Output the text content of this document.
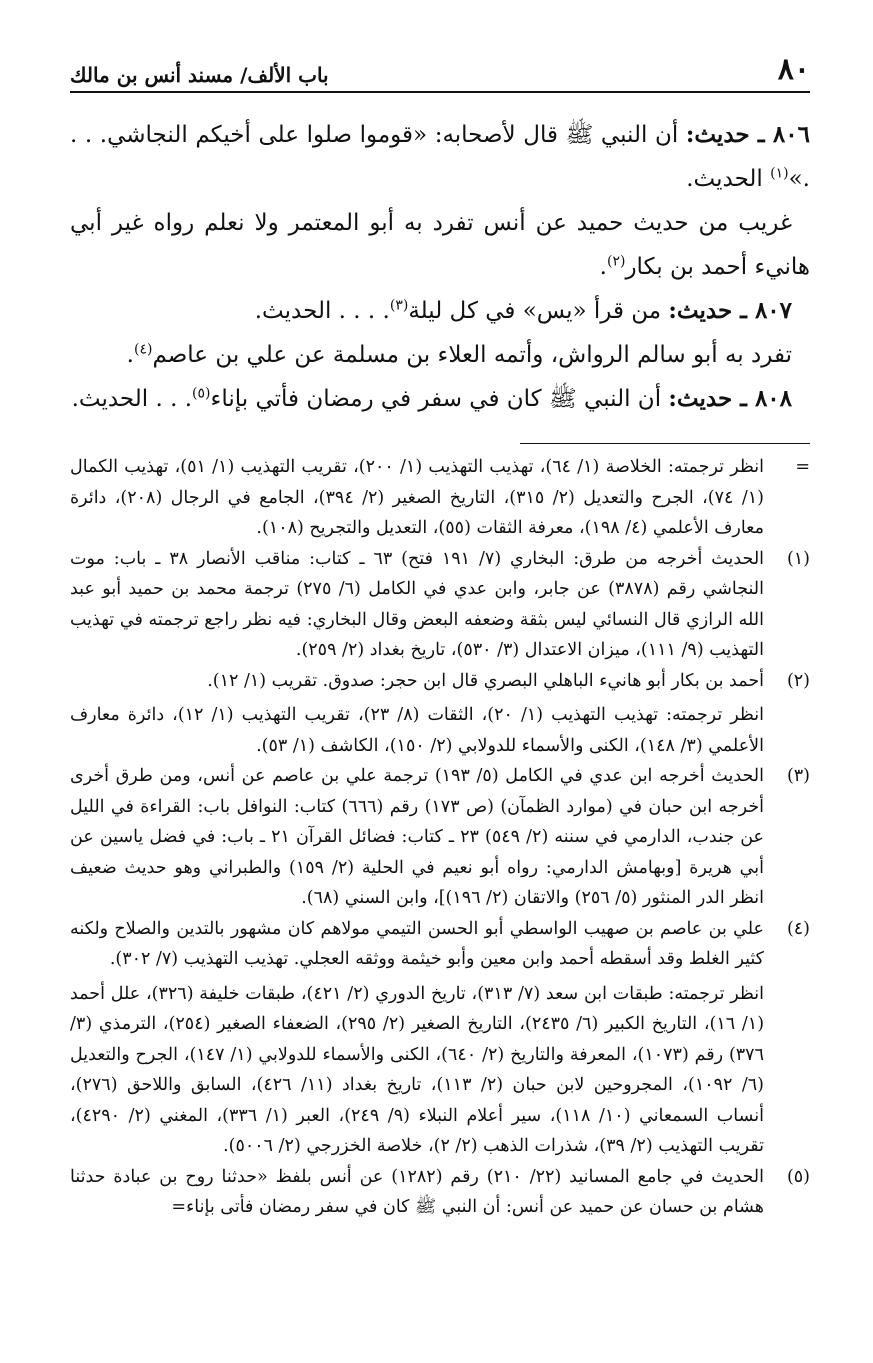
٨٠
باب الألف/ مسند أنس بن مالك

٨٠٦ ـ حديث: أن النبي ﷺ قال لأصحابه: «قوموا صلوا على أخيكم النجاشي. . . .»$^{(١)}$ الحديث.

غريب من حديث حميد عن أنس تفرد به أبو المعتمر ولا نعلم رواه غير أبي هانيء أحمد بن بكار$^{(٢)}$.

٨٠٧ ـ حديث: من قرأ «يس» في كل ليلة$^{(٣)}$. . . . الحديث.

تفرد به أبو سالم الرواش، وأتمه العلاء بن مسلمة عن علي بن عاصم$^{(٤)}$.

٨٠٨ ـ حديث: أن النبي ﷺ كان في سفر في رمضان فأتي بإناء$^{(٥)}$. . . الحديث.

=

انظر ترجمته: الخلاصة (١/ ٦٤)، تهذيب التهذيب (١/ ٢٠٠)، تقريب التهذيب (١/ ٥١)، تهذيب الكمال (١/ ٧٤)، الجرح والتعديل (٢/ ٣١٥)، التاريخ الصغير (٢/ ٣٩٤)، الجامع في الرجال (٢٠٨)، دائرة معارف الأعلمي (٤/ ١٩٨)، معرفة الثقات (٥٥)، التعديل والتجريح (١٠٨).

(١)

الحديث أخرجه من طرق: البخاري (٧/ ١٩١ فتح) ٦٣ ـ كتاب: مناقب الأنصار ٣٨ ـ باب: موت النجاشي رقم (٣٨٧٨) عن جابر، وابن عدي في الكامل (٦/ ٢٧٥) ترجمة محمد بن حميد أبو عبد الله الرازي قال النسائي ليس بثقة وضعفه البعض وقال البخاري: فيه نظر راجع ترجمته في تهذيب التهذيب (٩/ ١١١)، ميزان الاعتدال (٣/ ٥٣٠)، تاريخ بغداد (٢/ ٢٥٩).

(٢)

أحمد بن بكار أبو هانيء الباهلي البصري قال ابن حجر: صدوق. تقريب (١/ ١٢).

انظر ترجمته: تهذيب التهذيب (١/ ٢٠)، الثقات (٨/ ٢٣)، تقريب التهذيب (١/ ١٢)، دائرة معارف الأعلمي (٣/ ١٤٨)، الكنى والأسماء للدولابي (٢/ ١٥٠)، الكاشف (١/ ٥٣).

(٣)

الحديث أخرجه ابن عدي في الكامل (٥/ ١٩٣) ترجمة علي بن عاصم عن أنس، ومن طرق أخرى أخرجه ابن حبان في (موارد الظمآن) (ص ١٧٣) رقم (٦٦٦) كتاب: النوافل باب: القراءة في الليل عن جندب، الدارمي في سننه (٢/ ٥٤٩) ٢٣ ـ كتاب: فضائل القرآن ٢١ ـ باب: في فضل ياسين عن أبي هريرة [وبهامش الدارمي: رواه أبو نعيم في الحلية (٢/ ١٥٩) والطبراني وهو حديث ضعيف انظر الدر المنثور (٥/ ٢٥٦) والاتقان (٢/ ١٩٦)]، وابن السني (٦٨).

(٤)

علي بن عاصم بن صهيب الواسطي أبو الحسن التيمي مولاهم كان مشهور بالتدين والصلاح ولكنه كثير الغلط وقد أسقطه أحمد وابن معين وأبو خيثمة ووثقه العجلي. تهذيب التهذيب (٧/ ٣٠٢).

انظر ترجمته: طبقات ابن سعد (٧/ ٣١٣)، تاريخ الدوري (٢/ ٤٢١)، طبقات خليفة (٣٢٦)، علل أحمد (١/ ١٦)، التاريخ الكبير (٦/ ٢٤٣٥)، التاريخ الصغير (٢/ ٢٩٥)، الضعفاء الصغير (٢٥٤)، الترمذي (٣/ ٣٧٦) رقم (١٠٧٣)، المعرفة والتاريخ (٢/ ٦٤٠)، الكنى والأسماء للدولابي (١/ ١٤٧)، الجرح والتعديل (٦/ ١٠٩٢)، المجروحين لابن حبان (٢/ ١١٣)، تاريخ بغداد (١١/ ٤٢٦)، السابق واللاحق (٢٧٦)، أنساب السمعاني (١٠/ ١١٨)، سير أعلام النبلاء (٩/ ٢٤٩)، العبر (١/ ٣٣٦)، المغني (٢/ ٤٢٩٠)، تقريب التهذيب (٢/ ٣٩)، شذرات الذهب (٢/ ٢)، خلاصة الخزرجي (٢/ ٥٠٠٦).

(٥)

الحديث في جامع المسانيد (٢٢/ ٢١٠) رقم (١٢٨٢) عن أنس بلفظ «حدثنا روح بن عبادة حدثنا هشام بن حسان عن حميد عن أنس: أن النبي ﷺ كان في سفر رمضان فأتى بإناء=
